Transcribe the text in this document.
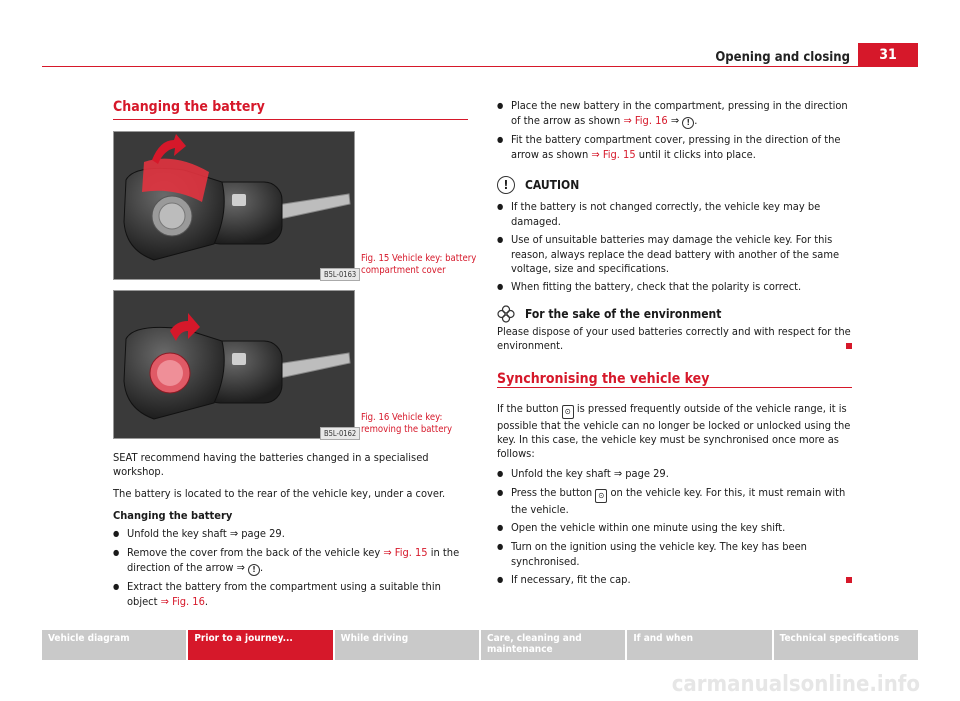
Opening and closing	31
Changing the battery
B5L-0163
Fig. 15 Vehicle key: battery compartment cover
B5L-0162
Fig. 16 Vehicle key: removing the battery

SEAT recommend having the batteries changed in a specialised workshop.

The battery is located to the rear of the vehicle key, under a cover.

Changing the battery

● Unfold the key shaft ⇒ page 29.

● Remove the cover from the back of the vehicle key ⇒ Fig. 15 in the direction of the arrow ⇒ ! .

● Extract the battery from the compartment using a suitable thin object ⇒ Fig. 16.

● Place the new battery in the compartment, pressing in the direction of the arrow as shown ⇒ Fig. 16 ⇒ ! .

● Fit the battery compartment cover, pressing in the direction of the arrow as shown ⇒ Fig. 15 until it clicks into place.

!	CAUTION

● If the battery is not changed correctly, the vehicle key may be damaged.

● Use of unsuitable batteries may damage the vehicle key. For this reason, always replace the dead battery with another of the same voltage, size and specifications.

● When fitting the battery, check that the polarity is correct.

For the sake of the environment

Please dispose of your used batteries correctly and with respect for the environment.

Synchronising the vehicle key

If the button ⊙ is pressed frequently outside of the vehicle range, it is possible that the vehicle can no longer be locked or unlocked using the key. In this case, the vehicle key must be synchronised once more as follows:

● Unfold the key shaft ⇒ page 29.

● Press the button ⊙ on the vehicle key. For this, it must remain with the vehicle.

● Open the vehicle within one minute using the key shift.

● Turn on the ignition using the vehicle key. The key has been synchronised.

● If necessary, fit the cap.

Vehicle diagram	Prior to a journey...	While driving	Care, cleaning and maintenance
If and when	Technical specifications
carmanualsonline.info
